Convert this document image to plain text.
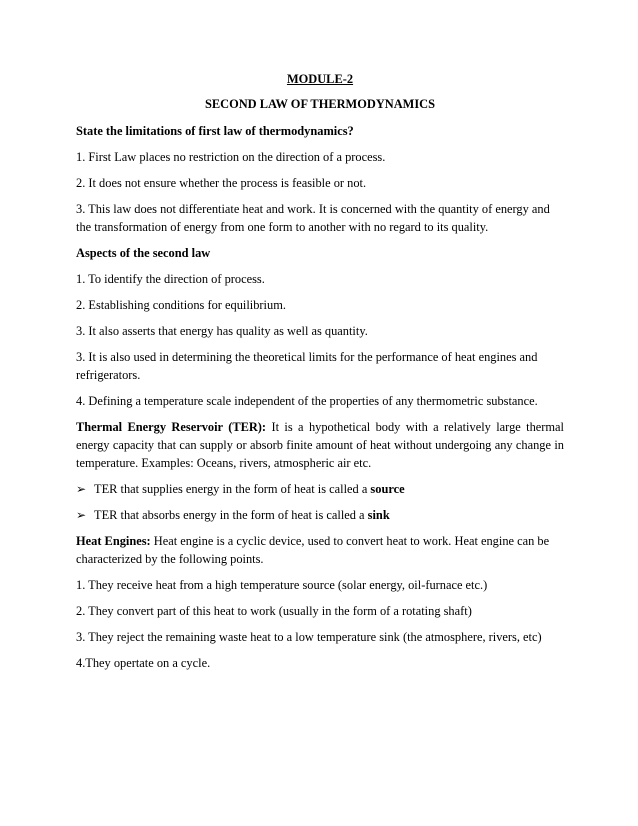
MODULE-2

SECOND LAW OF THERMODYNAMICS

State the limitations of first law of thermodynamics?

1. First Law places no restriction on the direction of a process.

2. It does not ensure whether the process is feasible or not.

3. This law does not differentiate heat and work. It is concerned with the quantity of energy and the transformation of energy from one form to another with no regard to its quality.

Aspects of the second law

1. To identify the direction of process.

2. Establishing conditions for equilibrium.

3. It also asserts that energy has quality as well as quantity.

3. It is also used in determining the theoretical limits for the performance of heat engines and refrigerators.

4. Defining a temperature scale independent of the properties of any thermometric substance.

Thermal Energy Reservoir (TER): It is a hypothetical body with a relatively large thermal energy capacity that can supply or absorb finite amount of heat without undergoing any change in temperature. Examples: Oceans, rivers, atmospheric air etc.

➢ TER that supplies energy in the form of heat is called a source
➢ TER that absorbs energy in the form of heat is called a sink

Heat Engines: Heat engine is a cyclic device, used to convert heat to work. Heat engine can be characterized by the following points.

1. They receive heat from a high temperature source (solar energy, oil-furnace etc.)

2. They convert part of this heat to work (usually in the form of a rotating shaft)

3. They reject the remaining waste heat to a low temperature sink (the atmosphere, rivers, etc)

4.They opertate on a cycle.
